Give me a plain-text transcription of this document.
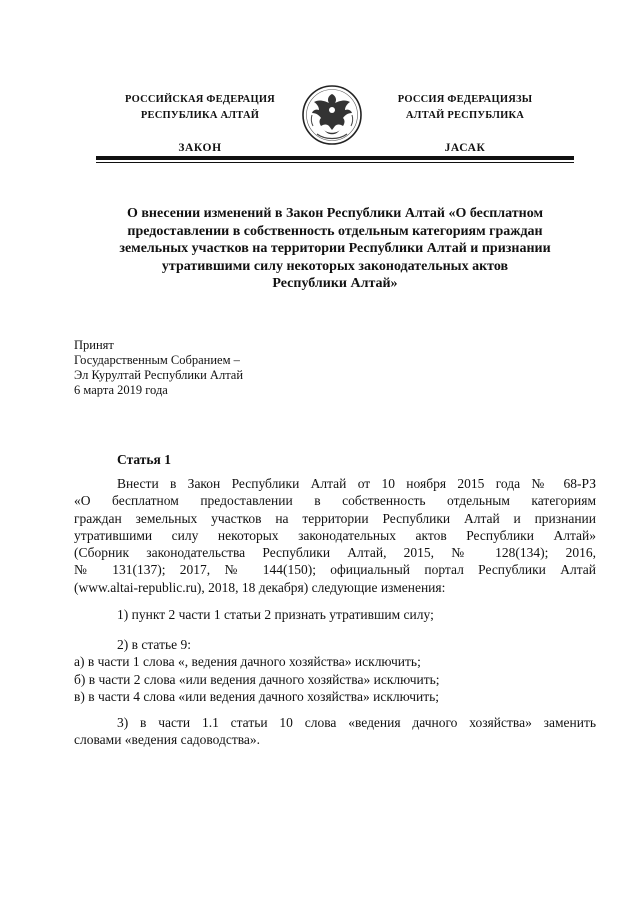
РОССИЙСКАЯ ФЕДЕРАЦИЯ
РЕСПУБЛИКА АЛТАЙ
ЗАКОН
РОССИЯ ФЕДЕРАЦИЯЗЫ
АЛТАЙ РЕСПУБЛИКА
JАСАК
О внесении изменений в Закон Республики Алтай «О бесплатном
предоставлении в собственность отдельным категориям граждан
земельных участков на территории Республики Алтай и признании
утратившими силу некоторых законодательных актов
Республики Алтай»
Принят
Государственным Собранием –
Эл Курултай Республики Алтай
6 марта 2019 года
Статья 1
Внести в Закон Республики Алтай от 10 ноября 2015 года № 68-РЗ
«О бесплатном предоставлении в собственность отдельным категориям
граждан земельных участков на территории Республики Алтай и признании
утратившими силу некоторых законодательных актов Республики Алтай»
(Сборник законодательства Республики Алтай, 2015, № 128(134); 2016,
№ 131(137); 2017, № 144(150); официальный портал Республики Алтай
(www.altai-republic.ru), 2018, 18 декабря) следующие изменения:
1) пункт 2 части 1 статьи 2 признать утратившим силу;
2) в статье 9:
а) в части 1 слова «, ведения дачного хозяйства» исключить;
б) в части 2 слова «или ведения дачного хозяйства» исключить;
в) в части 4 слова «или ведения дачного хозяйства» исключить;
3) в части 1.1 статьи 10 слова «ведения дачного хозяйства» заменить
словами «ведения садоводства».
